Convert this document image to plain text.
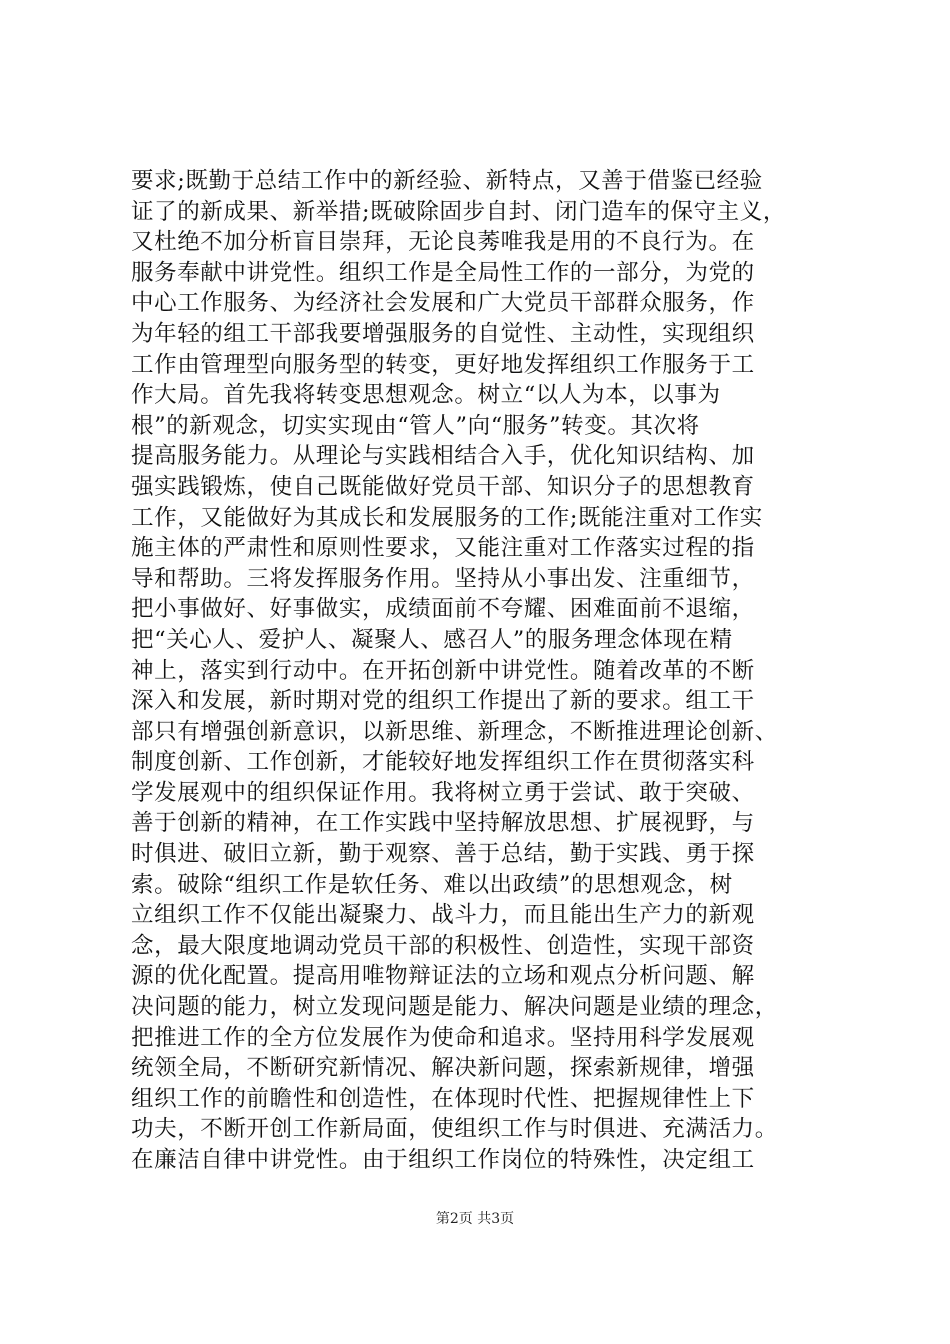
要求;既勤于总结工作中的新经验、新特点，又善于借鉴已经验
证了的新成果、新举措;既破除固步自封、闭门造车的保守主义，
又杜绝不加分析盲目崇拜，无论良莠唯我是用的不良行为。在
服务奉献中讲党性。组织工作是全局性工作的一部分，为党的
中心工作服务、为经济社会发展和广大党员干部群众服务，作
为年轻的组工干部我要增强服务的自觉性、主动性，实现组织
工作由管理型向服务型的转变，更好地发挥组织工作服务于工
作大局。首先我将转变思想观念。树立“以人为本，以事为
根”的新观念，切实实现由“管人”向“服务”转变。其次将
提高服务能力。从理论与实践相结合入手，优化知识结构、加
强实践锻炼，使自己既能做好党员干部、知识分子的思想教育
工作，又能做好为其成长和发展服务的工作;既能注重对工作实
施主体的严肃性和原则性要求，又能注重对工作落实过程的指
导和帮助。三将发挥服务作用。坚持从小事出发、注重细节，
把小事做好、好事做实，成绩面前不夸耀、困难面前不退缩，
把“关心人、爱护人、凝聚人、感召人”的服务理念体现在精
神上，落实到行动中。在开拓创新中讲党性。随着改革的不断
深入和发展，新时期对党的组织工作提出了新的要求。组工干
部只有增强创新意识，以新思维、新理念，不断推进理论创新、
制度创新、工作创新，才能较好地发挥组织工作在贯彻落实科
学发展观中的组织保证作用。我将树立勇于尝试、敢于突破、
善于创新的精神，在工作实践中坚持解放思想、扩展视野，与
时俱进、破旧立新，勤于观察、善于总结，勤于实践、勇于探
索。破除“组织工作是软任务、难以出政绩”的思想观念，树
立组织工作不仅能出凝聚力、战斗力，而且能出生产力的新观
念，最大限度地调动党员干部的积极性、创造性，实现干部资
源的优化配置。提高用唯物辩证法的立场和观点分析问题、解
决问题的能力，树立发现问题是能力、解决问题是业绩的理念，
把推进工作的全方位发展作为使命和追求。坚持用科学发展观
统领全局，不断研究新情况、解决新问题，探索新规律，增强
组织工作的前瞻性和创造性，在体现时代性、把握规律性上下
功夫，不断开创工作新局面，使组织工作与时俱进、充满活力。
在廉洁自律中讲党性。由于组织工作岗位的特殊性，决定组工
第2页 共3页
